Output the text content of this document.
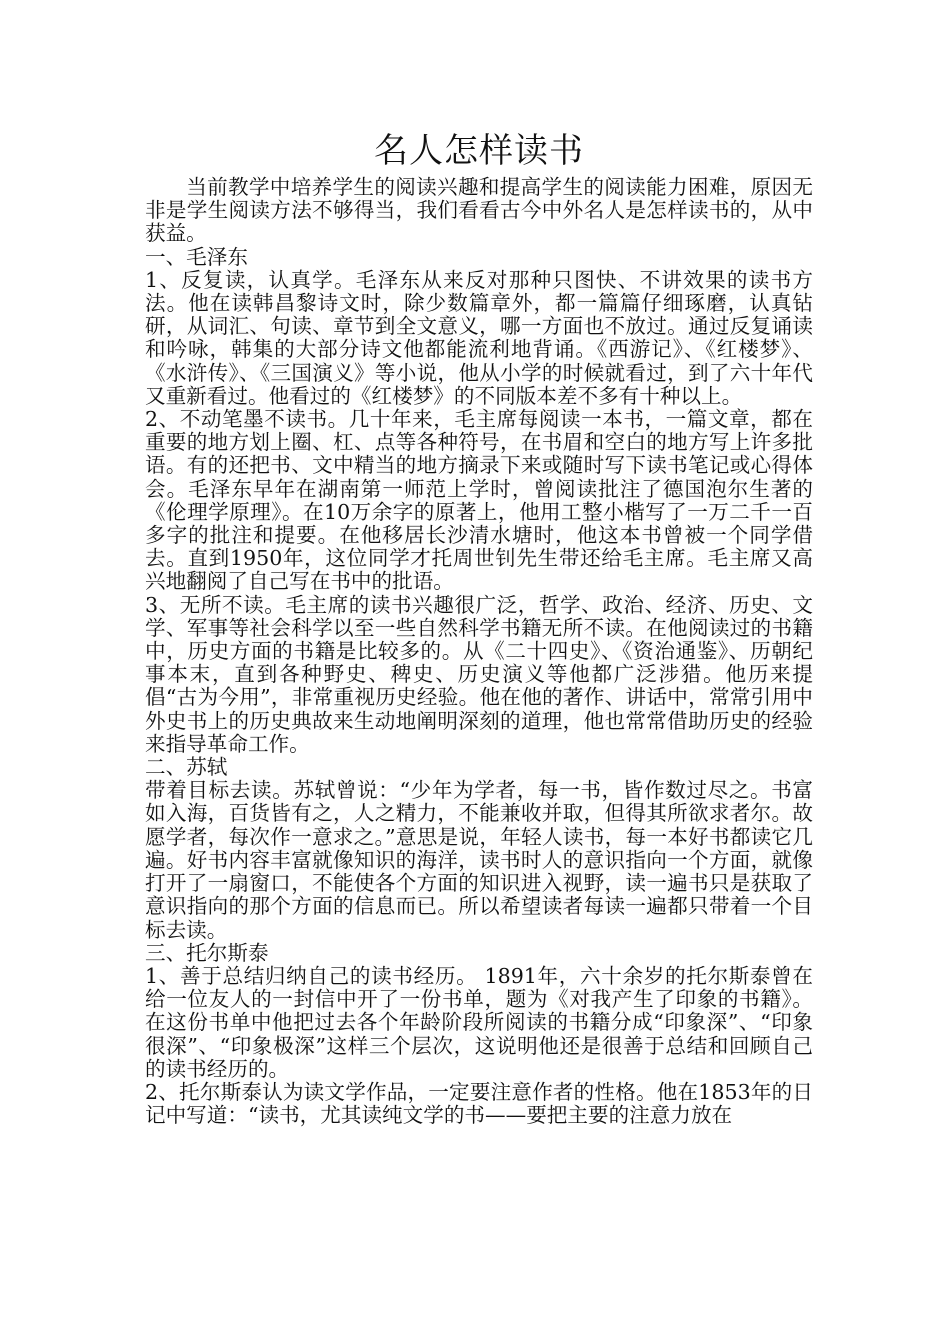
名人怎样读书

当前教学中培养学生的阅读兴趣和提高学生的阅读能力困难，原因无非是学生阅读方法不够得当，我们看看古今中外名人是怎样读书的，从中获益。

一、毛泽东

1、反复读，认真学。毛泽东从来反对那种只图快、不讲效果的读书方法。他在读韩昌黎诗文时，除少数篇章外，都一篇篇仔细琢磨，认真钻研，从词汇、句读、章节到全文意义，哪一方面也不放过。通过反复诵读和吟咏，韩集的大部分诗文他都能流利地背诵。《西游记》、《红楼梦》、《水浒传》、《三国演义》等小说，他从小学的时候就看过，到了六十年代又重新看过。他看过的《红楼梦》的不同版本差不多有十种以上。

2、不动笔墨不读书。几十年来，毛主席每阅读一本书，一篇文章，都在重要的地方划上圈、杠、点等各种符号，在书眉和空白的地方写上许多批语。有的还把书、文中精当的地方摘录下来或随时写下读书笔记或心得体会。毛泽东早年在湖南第一师范上学时，曾阅读批注了德国泡尔生著的《伦理学原理》。在10万余字的原著上，他用工整小楷写了一万二千一百多字的批注和提要。在他移居长沙清水塘时，他这本书曾被一个同学借去。直到1950年，这位同学才托周世钊先生带还给毛主席。毛主席又高兴地翻阅了自己写在书中的批语。

3、无所不读。毛主席的读书兴趣很广泛，哲学、政治、经济、历史、文学、军事等社会科学以至一些自然科学书籍无所不读。在他阅读过的书籍中，历史方面的书籍是比较多的。从《二十四史》、《资治通鉴》、历朝纪事本末，直到各种野史、稗史、历史演义等他都广泛涉猎。他历来提倡“古为今用”，非常重视历史经验。他在他的著作、讲话中，常常引用中外史书上的历史典故来生动地阐明深刻的道理，他也常常借助历史的经验来指导革命工作。

二、苏轼

带着目标去读。苏轼曾说：“少年为学者，每一书，皆作数过尽之。书富如入海，百货皆有之，人之精力，不能兼收并取，但得其所欲求者尔。故愿学者，每次作一意求之。”意思是说，年轻人读书，每一本好书都读它几遍。好书内容丰富就像知识的海洋，读书时人的意识指向一个方面，就像打开了一扇窗口，不能使各个方面的知识进入视野，读一遍书只是获取了意识指向的那个方面的信息而已。所以希望读者每读一遍都只带着一个目标去读。

三、托尔斯泰

1、善于总结归纳自己的读书经历。 1891年，六十余岁的托尔斯泰曾在给一位友人的一封信中开了一份书单，题为《对我产生了印象的书籍》。在这份书单中他把过去各个年龄阶段所阅读的书籍分成“印象深”、“印象很深”、“印象极深”这样三个层次，这说明他还是很善于总结和回顾自己的读书经历的。

2、托尔斯泰认为读文学作品，一定要注意作者的性格。他在1853年的日记中写道：“读书，尤其读纯文学的书——要把主要的注意力放在
